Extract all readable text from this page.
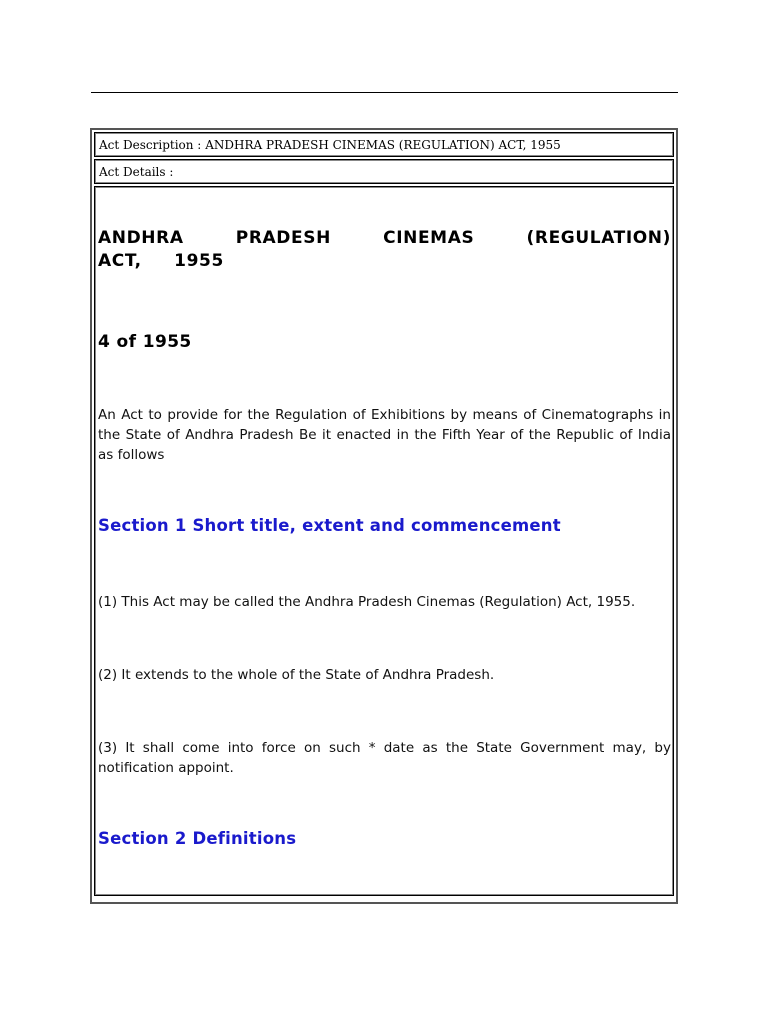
Act Description : ANDHRA PRADESH CINEMAS (REGULATION) ACT, 1955
Act Details :
ANDHRA PRADESH CINEMAS (REGULATION) ACT, 1955
4 of 1955

An Act to provide for the Regulation of Exhibitions by means of Cinematographs in the State of Andhra Pradesh Be it enacted in the Fifth Year of the Republic of India as follows

Section 1 Short title, extent and commencement

(1) This Act may be called the Andhra Pradesh Cinemas (Regulation) Act, 1955.

(2) It extends to the whole of the State of Andhra Pradesh.

(3) It shall come into force on such * date as the State Government may, by notification appoint.

Section 2 Definitions
